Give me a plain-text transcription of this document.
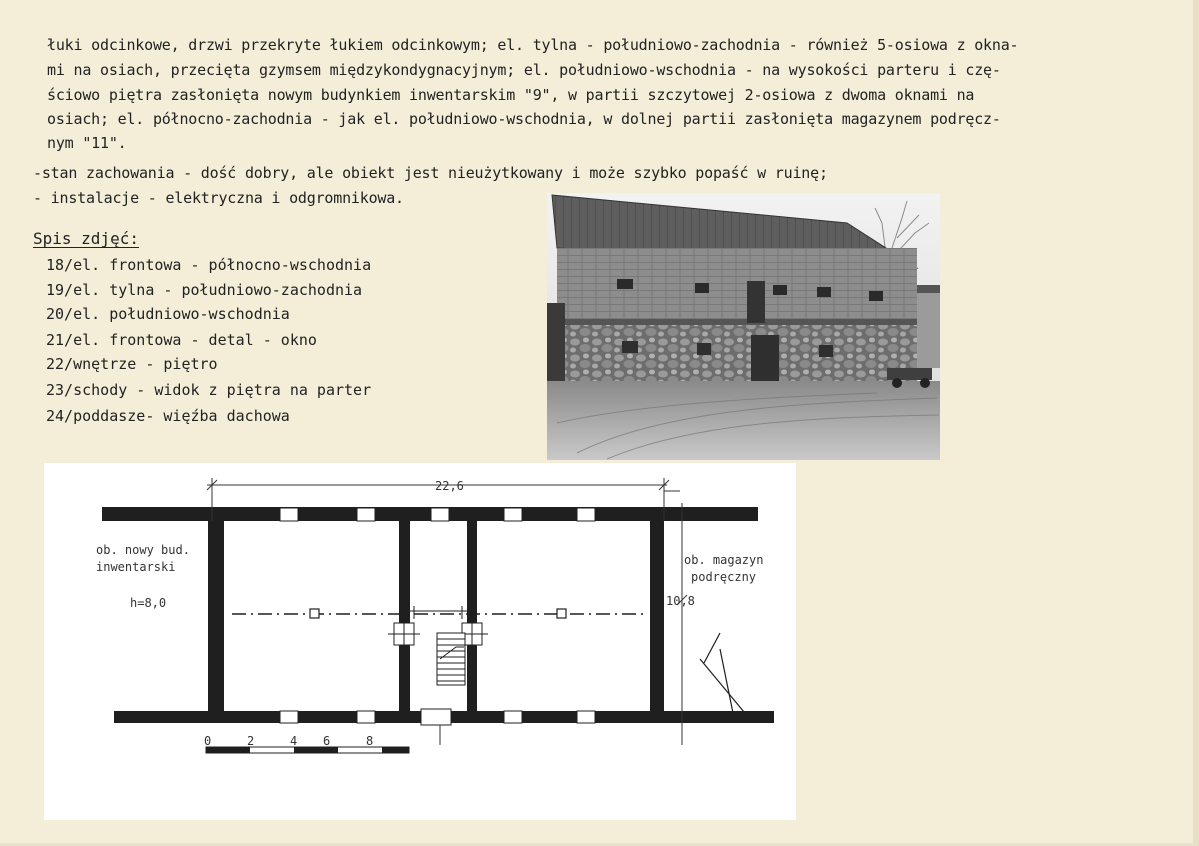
łuki odcinkowe, drzwi przekryte łukiem odcinkowym; el. tylna - południowo-zachodnia - również 5-osiowa z okna-
mi na osiach, przecięta gzymsem międzykondygnacyjnym; el. południowo-wschodnia - na wysokości parteru i czę-
ściowo piętra zasłonięta nowym budynkiem inwentarskim "9", w partii szczytowej 2-osiowa z dwoma oknami na
osiach; el. północno-zachodnia - jak el. południowo-wschodnia, w dolnej partii zasłonięta magazynem podręcz-
nym "11".
-stan zachowania - dość dobry, ale obiekt jest nieużytkowany i może szybko popaść w ruinę;
- instalacje - elektryczna i odgromnikowa.
Spis zdjęć:
18/el. frontowa - północno-wschodnia
19/el. tylna - południowo-zachodnia
20/el. południowo-wschodnia
21/el. frontowa - detal - okno
22/wnętrze - piętro
23/schody - widok z piętra na parter
24/poddasze- więźba dachowa
22,6
10,8
ob. nowy bud.
inwentarski
h=8,0
ob. magazyn
podręczny
0	2	4 6	8
